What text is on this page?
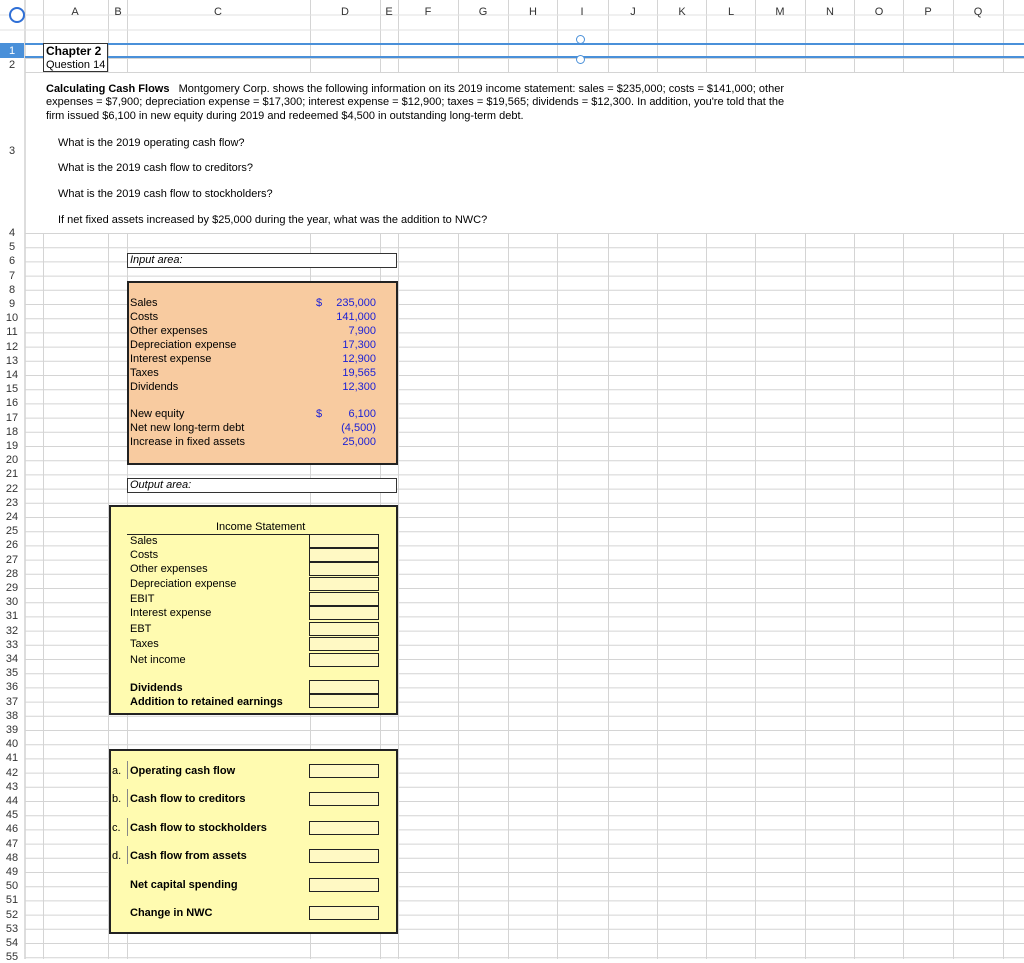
A	B	C	D	E	F	G	H	I	J	K	L	M	N	O	P	Q
1
2
3
4
5
6
7
8
9
10
11
12
13
14
15
16
17
18
19
20
21
22
23
24
25
26
27
28
29
30
31
32
33
34
35
36
37
38
39
40
41
42
43
44
45
46
47
48
49
50
51
52
53
54
55
Chapter 2
Question 14
Calculating Cash Flows Montgomery Corp. shows the following information on its 2019 income statement: sales = $235,000; costs = $141,000; other
expenses = $7,900; depreciation expense = $17,300; interest expense = $12,900; taxes = $19,565; dividends = $12,300. In addition, you're told that the
firm issued $6,100 in new equity during 2019 and redeemed $4,500 in outstanding long-term debt.
What is the 2019 operating cash flow?
What is the 2019 cash flow to creditors?
What is the 2019 cash flow to stockholders?
If net fixed assets increased by $25,000 during the year, what was the addition to NWC?
Input area:
Sales	235,000
Costs	141,000
Other expenses	7,900
Depreciation expense	17,300
Interest expense	12,900
Taxes	19,565
Dividends	12,300
$
New equity	6,100
Net new long-term debt	(4,500)
Increase in fixed assets	25,000
$
Output area:
Income Statement
Sales
Costs
Other expenses
Depreciation expense
EBIT
Interest expense
EBT
Taxes
Net income
Dividends
Addition to retained earnings
a. Operating cash flow
b. Cash flow to creditors
c. Cash flow to stockholders
d. Cash flow from assets
Net capital spending
Change in NWC
